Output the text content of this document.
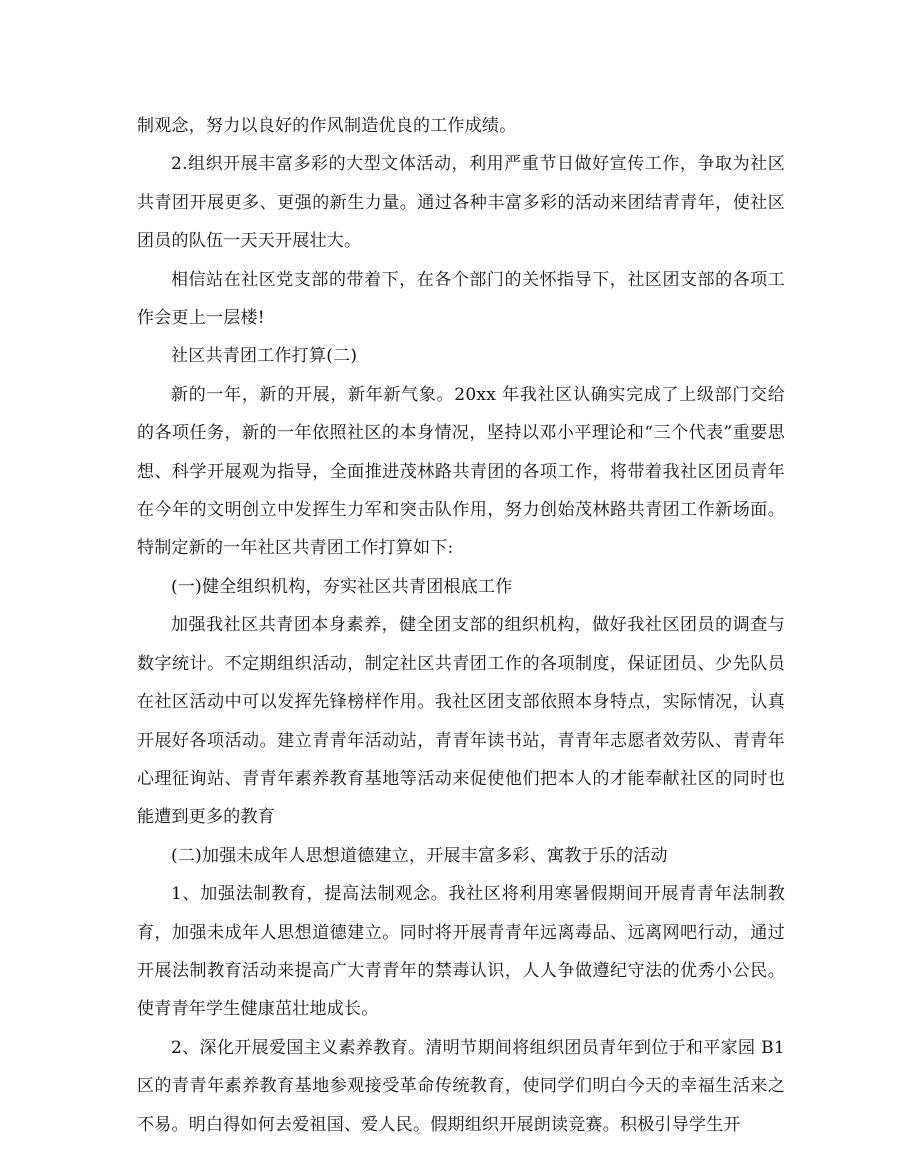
制观念，努力以良好的作风制造优良的工作成绩。

2.组织开展丰富多彩的大型文体活动，利用严重节日做好宣传工作，争取为社区共青团开展更多、更强的新生力量。通过各种丰富多彩的活动来团结青青年，使社区团员的队伍一天天开展壮大。

相信站在社区党支部的带着下，在各个部门的关怀指导下，社区团支部的各项工作会更上一层楼!

社区共青团工作打算(二)

新的一年，新的开展，新年新气象。20xx 年我社区认确实完成了上级部门交给的各项任务，新的一年依照社区的本身情况，坚持以邓小平理论和“三个代表”重要思想、科学开展观为指导，全面推进茂林路共青团的各项工作，将带着我社区团员青年在今年的文明创立中发挥生力军和突击队作用，努力创始茂林路共青团工作新场面。特制定新的一年社区共青团工作打算如下:

(一)健全组织机构，夯实社区共青团根底工作

加强我社区共青团本身素养，健全团支部的组织机构，做好我社区团员的调查与数字统计。不定期组织活动，制定社区共青团工作的各项制度，保证团员、少先队员在社区活动中可以发挥先锋榜样作用。我社区团支部依照本身特点，实际情况，认真开展好各项活动。建立青青年活动站，青青年读书站，青青年志愿者效劳队、青青年心理征询站、青青年素养教育基地等活动来促使他们把本人的才能奉献社区的同时也能遭到更多的教育

(二)加强未成年人思想道德建立，开展丰富多彩、寓教于乐的活动

1、加强法制教育，提高法制观念。我社区将利用寒暑假期间开展青青年法制教育，加强未成年人思想道德建立。同时将开展青青年远离毒品、远离网吧行动，通过开展法制教育活动来提高广大青青年的禁毒认识，人人争做遵纪守法的优秀小公民。使青青年学生健康茁壮地成长。

2、深化开展爱国主义素养教育。清明节期间将组织团员青年到位于和平家园 B1 区的青青年素养教育基地参观接受革命传统教育，使同学们明白今天的幸福生活来之不易。明白得如何去爱祖国、爱人民。假期组织开展朗读竞赛。积极引导学生开
